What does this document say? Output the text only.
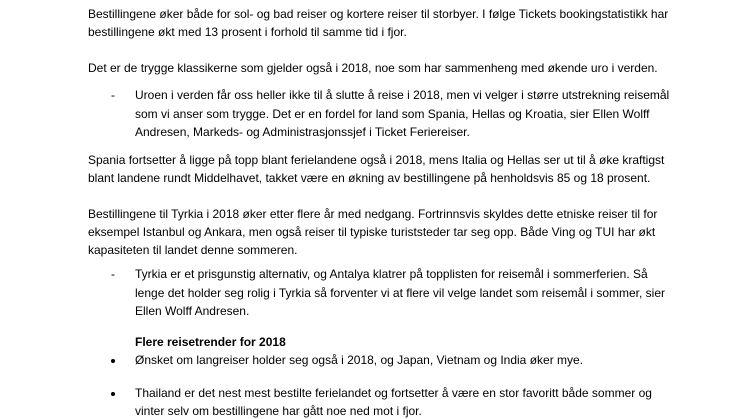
Bestillingene øker både for sol- og bad reiser og kortere reiser til storbyer. I følge Tickets bookingstatistikk har
bestillingene økt med 13 prosent i forhold til samme tid i fjor.
Det er de trygge klassikerne som gjelder også i 2018, noe som har sammenheng med økende uro i verden.
- Uroen i verden får oss heller ikke til å slutte å reise i 2018, men vi velger i større utstrekning reisemål
som vi anser som trygge. Det er en fordel for land som Spania, Hellas og Kroatia, sier Ellen Wolff
Andresen, Markeds- og Administrasjonssjef i Ticket Feriereiser.
Spania fortsetter å ligge på topp blant ferielandene også i 2018, mens Italia og Hellas ser ut til å øke kraftigst
blant landene rundt Middelhavet, takket være en økning av bestillingene på henholdsvis 85 og 18 prosent.
Bestillingene til Tyrkia i 2018 øker etter flere år med nedgang. Fortrinnsvis skyldes dette etniske reiser til for
eksempel Istanbul og Ankara, men også reiser til typiske turiststeder tar seg opp. Både Ving og TUI har økt
kapasiteten til landet denne sommeren.
- Tyrkia er et prisgunstig alternativ, og Antalya klatrer på topplisten for reisemål i sommerferien. Så
lenge det holder seg rolig i Tyrkia så forventer vi at flere vil velge landet som reisemål i sommer, sier
Ellen Wolff Andresen.
Flere reisetrender for 2018
Ønsket om langreiser holder seg også i 2018, og Japan, Vietnam og India øker mye.
Thailand er det nest mest bestilte ferielandet og fortsetter å være en stor favoritt både sommer og
vinter selv om bestillingene har gått noe ned mot i fjor.
